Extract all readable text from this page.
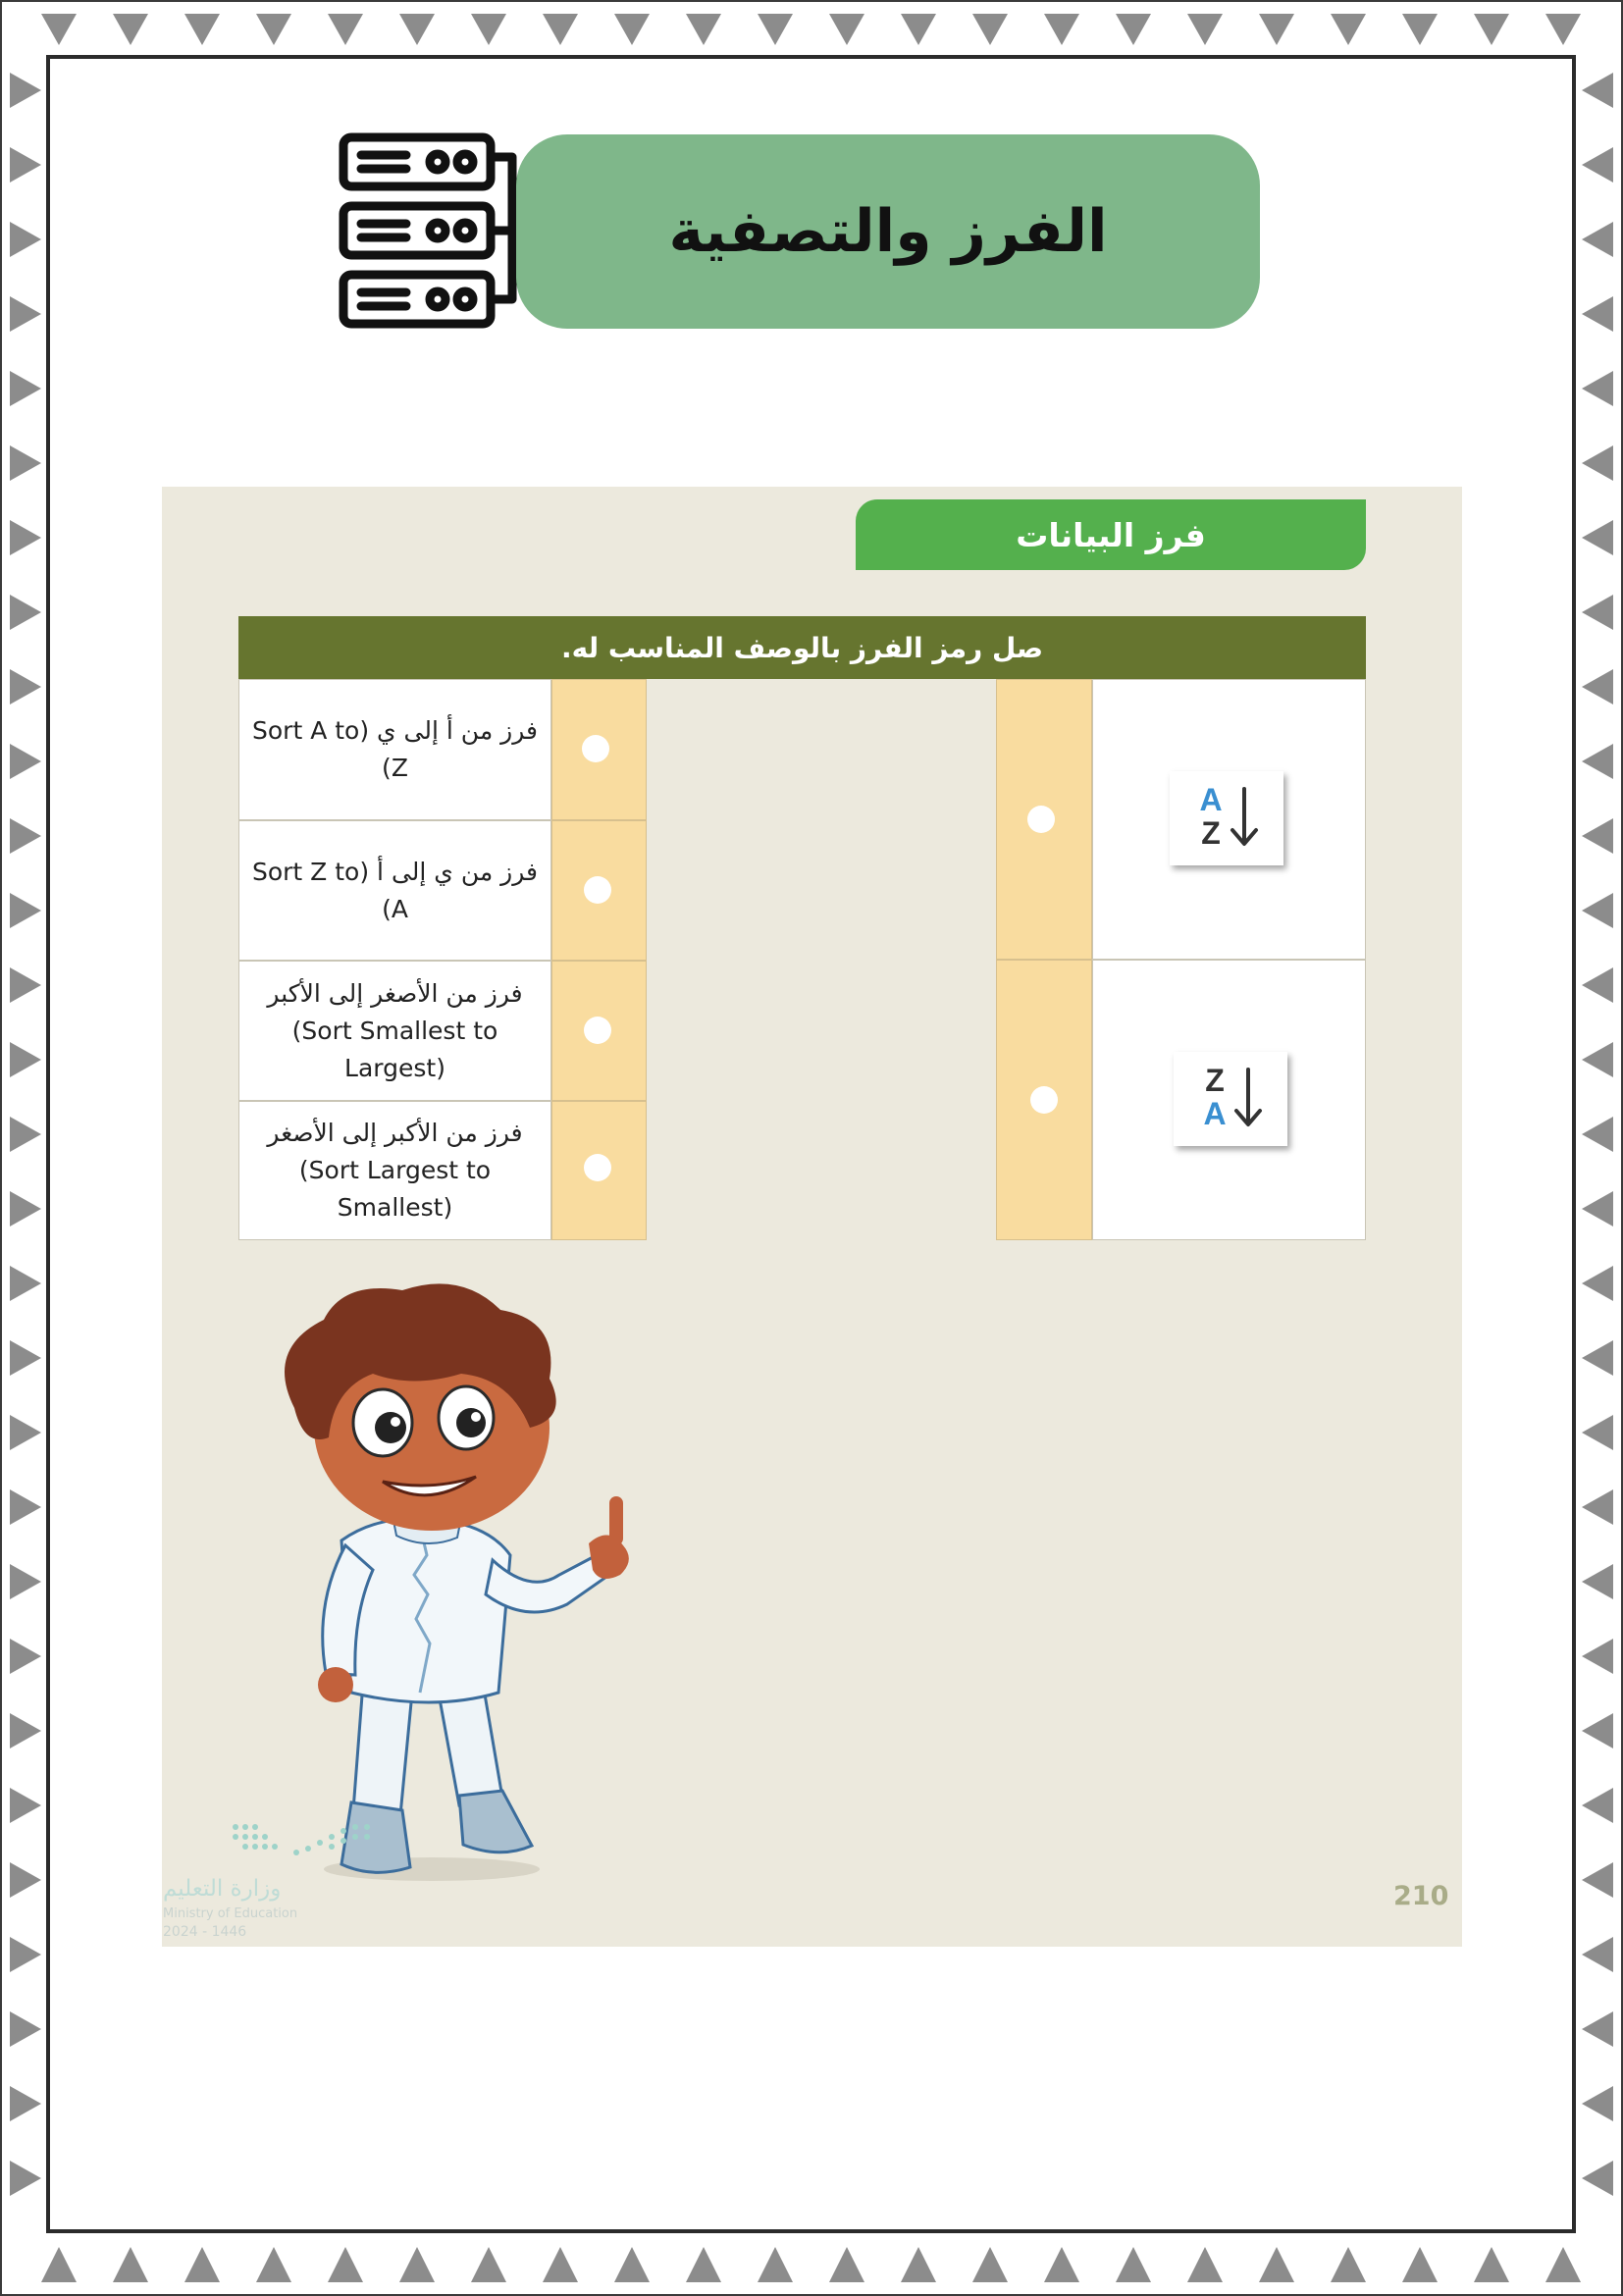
الفرز والتصفية
فرز البيانات
صل رمز الفرز بالوصف المناسب له.
فرز من أ إلى ي (Sort A to Z)
فرز من ي إلى أ (Sort Z to A)
فرز من الأصغر إلى الأكبر
(Sort Smallest to Largest)
فرز من الأكبر إلى الأصغر
(Sort Largest to Smallest)
A
Z
Z
A
وزارة التعليم
Ministry of Education
2024 - 1446
210
